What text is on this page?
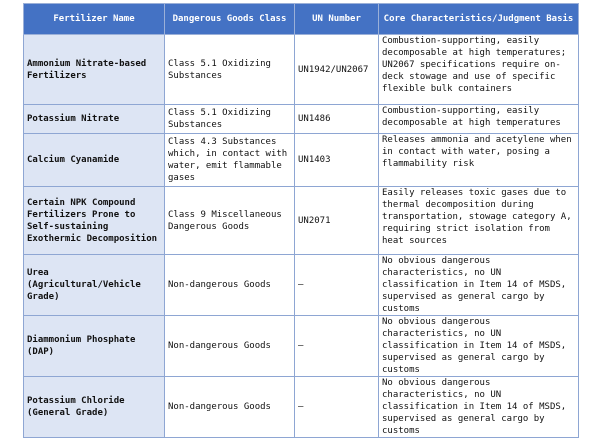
Fertilizer Name	Dangerous Goods Class	UN Number	Core Characteristics/Judgment Basis
Ammonium Nitrate-based Fertilizers	Class 5.1 Oxidizing Substances	UN1942/UN2067	Combustion-supporting, easily decomposable at high temperatures; UN2067 specifications require on-deck stowage and use of specific flexible bulk containers
Potassium Nitrate	Class 5.1 Oxidizing Substances	UN1486	Combustion-supporting, easily decomposable at high temperatures
Calcium Cyanamide	Class 4.3 Substances which, in contact with water, emit flammable gases	UN1403	Releases ammonia and acetylene when in contact with water, posing a flammability risk
Certain NPK Compound Fertilizers Prone to Self-sustaining Exothermic Decomposition	Class 9 Miscellaneous Dangerous Goods	UN2071	Easily releases toxic gases due to thermal decomposition during transportation, stowage category A, requiring strict isolation from heat sources
Urea (Agricultural/Vehicle Grade)	Non-dangerous Goods	—	No obvious dangerous characteristics, no UN classification in Item 14 of MSDS, supervised as general cargo by customs
Diammonium Phosphate (DAP)	Non-dangerous Goods	—	No obvious dangerous characteristics, no UN classification in Item 14 of MSDS, supervised as general cargo by customs
Potassium Chloride (General Grade)	Non-dangerous Goods	—	No obvious dangerous characteristics, no UN classification in Item 14 of MSDS, supervised as general cargo by customs
